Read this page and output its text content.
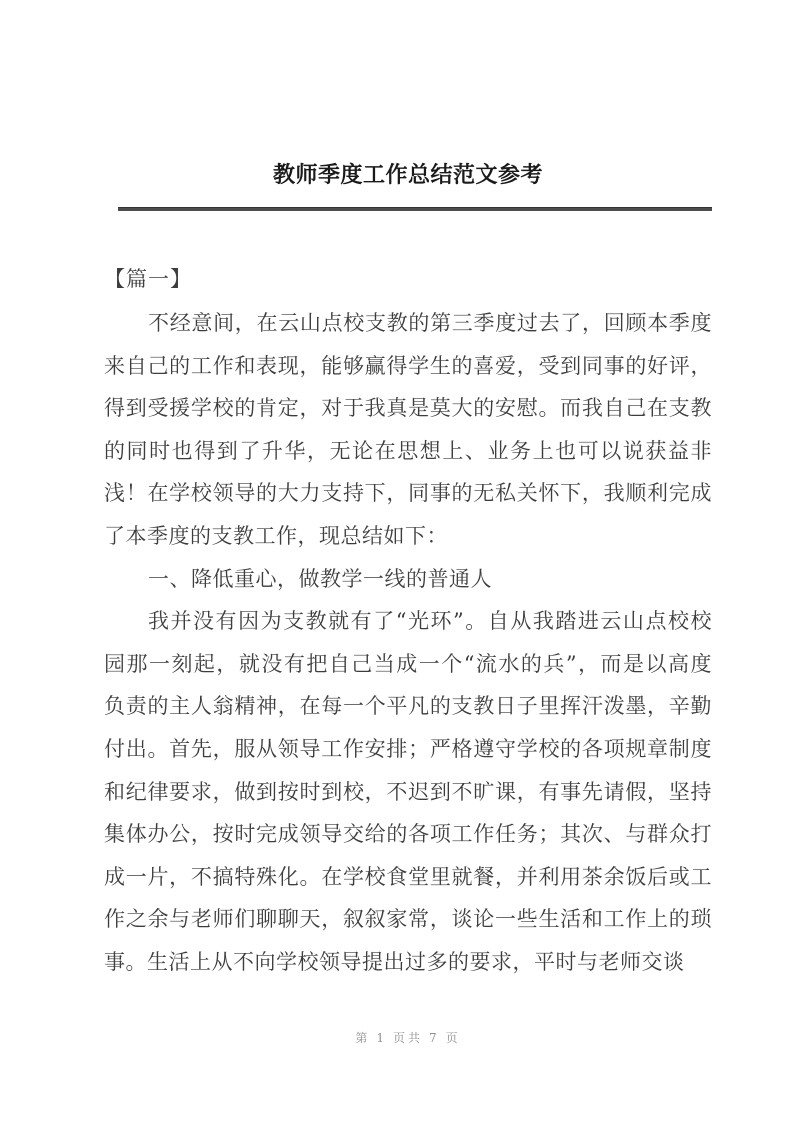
教师季度工作总结范文参考
【篇一】
不经意间，在云山点校支教的第三季度过去了，回顾本季度
来自己的工作和表现，能够赢得学生的喜爱，受到同事的好评，
得到受援学校的肯定，对于我真是莫大的安慰。而我自己在支教
的同时也得到了升华，无论在思想上、业务上也可以说获益非
浅！在学校领导的大力支持下，同事的无私关怀下，我顺利完成
了本季度的支教工作，现总结如下：
一、降低重心，做教学一线的普通人
我并没有因为支教就有了“光环”。自从我踏进云山点校校
园那一刻起，就没有把自己当成一个“流水的兵”，而是以高度
负责的主人翁精神，在每一个平凡的支教日子里挥汗泼墨，辛勤
付出。首先，服从领导工作安排；严格遵守学校的各项规章制度
和纪律要求，做到按时到校，不迟到不旷课，有事先请假，坚持
集体办公，按时完成领导交给的各项工作任务；其次、与群众打
成一片，不搞特殊化。在学校食堂里就餐，并利用茶余饭后或工
作之余与老师们聊聊天，叙叙家常，谈论一些生活和工作上的琐
事。生活上从不向学校领导提出过多的要求，平时与老师交谈
第 1 页共 7 页
